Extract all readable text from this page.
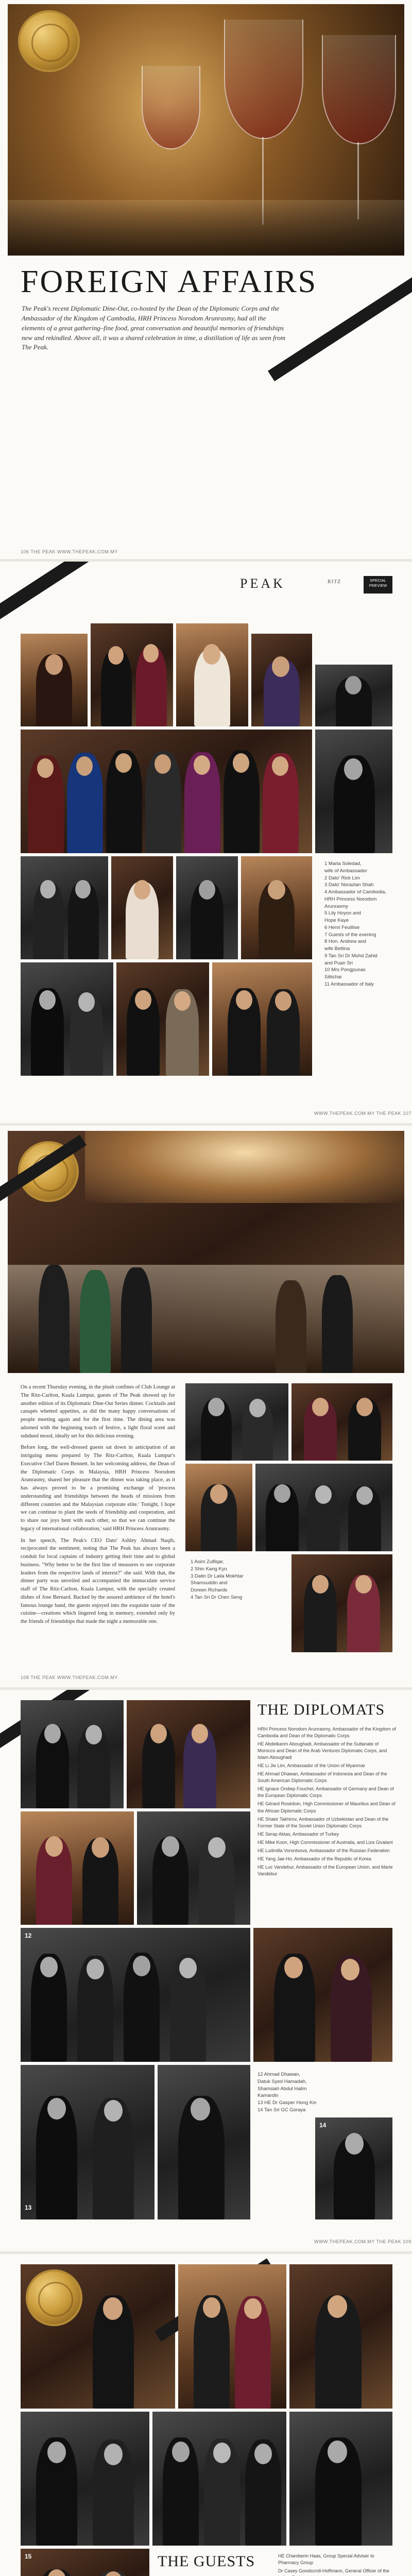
FOREIGN AFFAIRS
The Peak's recent Diplomatic Dine-Out, co-hosted by the Dean of the Diplomatic Corps and the Ambassador of the Kingdom of Cambodia, HRH Princess Norodom Arunrasmy, had all the elements of a great gathering–fine food, great conversation and beautiful memories of friendships new and rekindled. Above all, it was a shared celebration in time, a distillation of life as seen from The Peak.
106 THE PEAK WWW.THEPEAK.COM.MY
PEAK	RITZ	SPECIAL PREVIEW
1 Maria Soledad,
wife of Ambassador
2 Dato' Rick Lim
3 Dato' Norazlan Shah
4 Ambassador of Cambodia,
HRH Princess Norodom
Arunrasmy
5 Lily Hoyon and
Hope Kaye
6 Henri Feuillise
7 Guests of the evening
8 Hon. Andrew and
wife Bettina
9 Tan Sri Dr Mohd Zahid
and Puan Sri
10 Mrs Pongpunas
Sittichai
11 Ambassador of Italy
WWW.THEPEAK.COM.MY THE PEAK 107

On a recent Thursday evening, in the plush confines of Club Lounge at The Ritz-Carlton, Kuala Lumpur, guests of The Peak showed up for another edition of its Diplomatic Dine-Out Series dinner. Cocktails and canapés whetted appetites, as did the many happy conversations of people meeting again and for the first time. The dining area was adorned with the beginning touch of festive, a light floral scent and subdued mood, ideally set for this delicious evening.

Before long, the well-dressed guests sat down in anticipation of an intriguing menu prepared by The Ritz-Carlton, Kuala Lumpur's Executive Chef Daren Bennett. In her welcoming address, the Dean of the Diplomatic Corps in Malaysia, HRH Princess Norodom Arunrasmy, shared her pleasure that the dinner was taking place, as it has always proved to be a promising exchange of 'process understanding and friendships between the heads of missions from different countries and the Malaysian corporate elite.' Tonight, I hope we can continue to plant the seeds of friendship and cooperation, and to share our joys bent with each other, so that we can continue the legacy of international collaboration,' said HRH Princess Arunrasmy.

In her speech, The Peak's CEO Dato' Ashley Ahmad Naqib, reciprocated the sentiment, noting that The Peak has always been a conduit for local captains of industry getting their time and to global business. "Why better to be the first line of measures to see corporate leaders from the respective lands of interest?" she said. With that, the dinner party was unveiled and accompanied the immaculate service staff of The Ritz-Carlton, Kuala Lumpur, with the specially created dishes of Jose Bernard. Backed by the assured ambience of the hotel's famous lounge band, the guests enjoyed into the exquisite taste of the cuisine—creations which lingered long in memory, extended only by the friends of friendships that made the night a memorable one.

1 Asim Zulfiqar,
2 Shin Kang Kyu
3 Datin Dr Laila Mokhtar
Shamsuddin and
Doreen Richards
4 Tan Sri Dr Chen Seng
108 THE PEAK WWW.THEPEAK.COM.MY
THE DIPLOMATS
HRH Princess Norodom Arunrasmy, Ambassador of the Kingdom of Cambodia and Dean of the Diplomatic Corps
HE Abdelkarim Aboughadi, Ambassador of the Sultanate of Morocco and Dean of the Arab Ventures Diplomatic Corps, and Islam Aboughadi
HE Li Jie Lim, Ambassador of the Union of Myanmar
HE Ahmad Dhawan, Ambassador of Indonesia and Dean of the South American Diplomatic Corps
HE Ignace Ondiep Fouchet, Ambassador of Germany and Dean of the European Diplomatic Corps
HE Gérard Rosédoin, High Commissioner of Mauritius and Dean of the African Diplomatic Corps
HE Shakir Takhirov, Ambassador of Uzbekistan and Dean of the Former State of the Soviet Union Diplomatic Corps
HE Serap Aktas, Ambassador of Turkey
HE Mike Koon, High Commissioner of Australia, and Liza Givalant
HE Ludmilla Vorontsova, Ambassador of the Russian Federation
HE Yang Jae-Ho, Ambassador of the Republic of Korea
HE Luc Vandebur, Ambassador of the European Union, and Marie Vandebur
12
13
12 Ahmad Dhawan,
Datuk Syed Hamadah,
Shamsiah Abdul Halim
Kamardin
13 HE Dr Gasper Hong Kin
14 Tan Sri GC Goraya
14
WWW.THEPEAK.COM.MY THE PEAK 109
15	THE GUESTS	HE Chamberin Haas, Group Special Adviser to Pharmacy Group
Dr Casey Goodscroll-Hoffmann, General Officer of the
